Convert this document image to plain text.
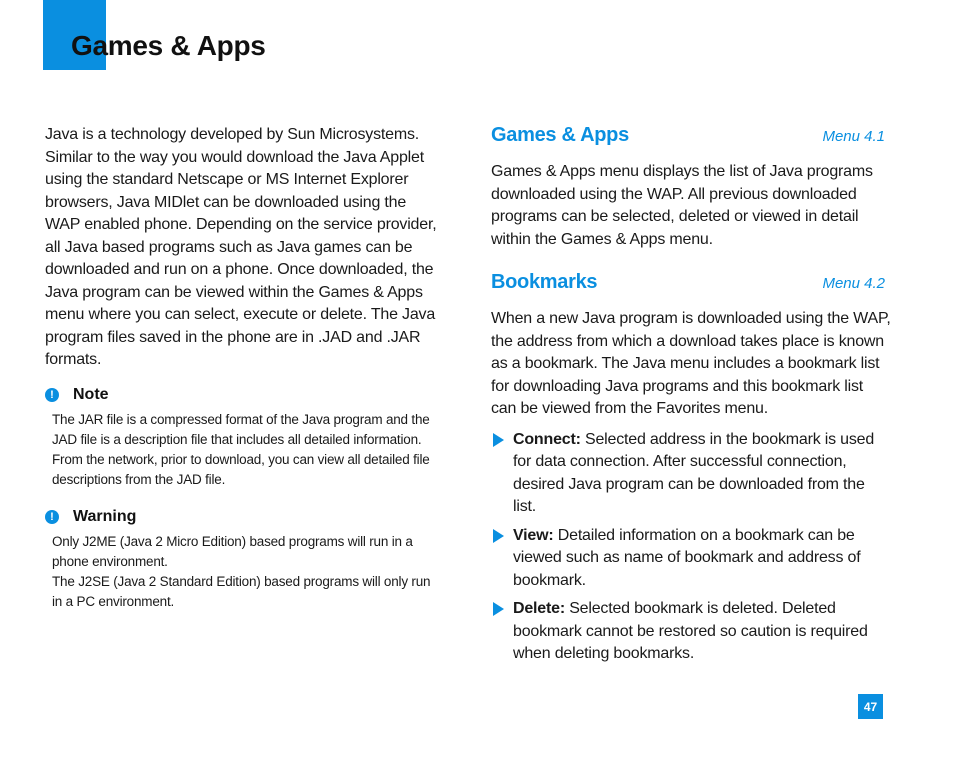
Games & Apps

Java is a technology developed by Sun Microsystems. Similar to the way you would download the Java Applet using the standard Netscape or MS Internet Explorer browsers, Java MIDlet can be downloaded using the WAP enabled phone. Depending on the service provider, all Java based programs such as Java games can be downloaded and run on a phone. Once downloaded, the Java program can be viewed within the Games & Apps menu where you can select, execute or delete. The Java program files saved in the phone are in .JAD and .JAR formats.

!	Note

The JAR file is a compressed format of the Java program and the JAD file is a description file that includes all detailed information. From the network, prior to download, you can view all detailed file descriptions from the JAD file.

!	Warning

Only J2ME (Java 2 Micro Edition) based programs will run in a phone environment.
The J2SE (Java 2 Standard Edition) based programs will only run in a PC environment.

Games & Apps	Menu 4.1

Games & Apps menu displays the list of Java programs downloaded using the WAP. All previous downloaded programs can be selected, deleted or viewed in detail within the Games & Apps menu.

Bookmarks	Menu 4.2

When a new Java program is downloaded using the WAP, the address from which a download takes place is known as a bookmark. The Java menu includes a bookmark list for downloading Java programs and this bookmark list can be viewed from the Favorites menu.

Connect: Selected address in the bookmark is used for data connection. After successful connection, desired Java program can be downloaded from the list.
View: Detailed information on a bookmark can be viewed such as name of bookmark and address of bookmark.
Delete: Selected bookmark is deleted. Deleted bookmark cannot be restored so caution is required when deleting bookmarks.
47
